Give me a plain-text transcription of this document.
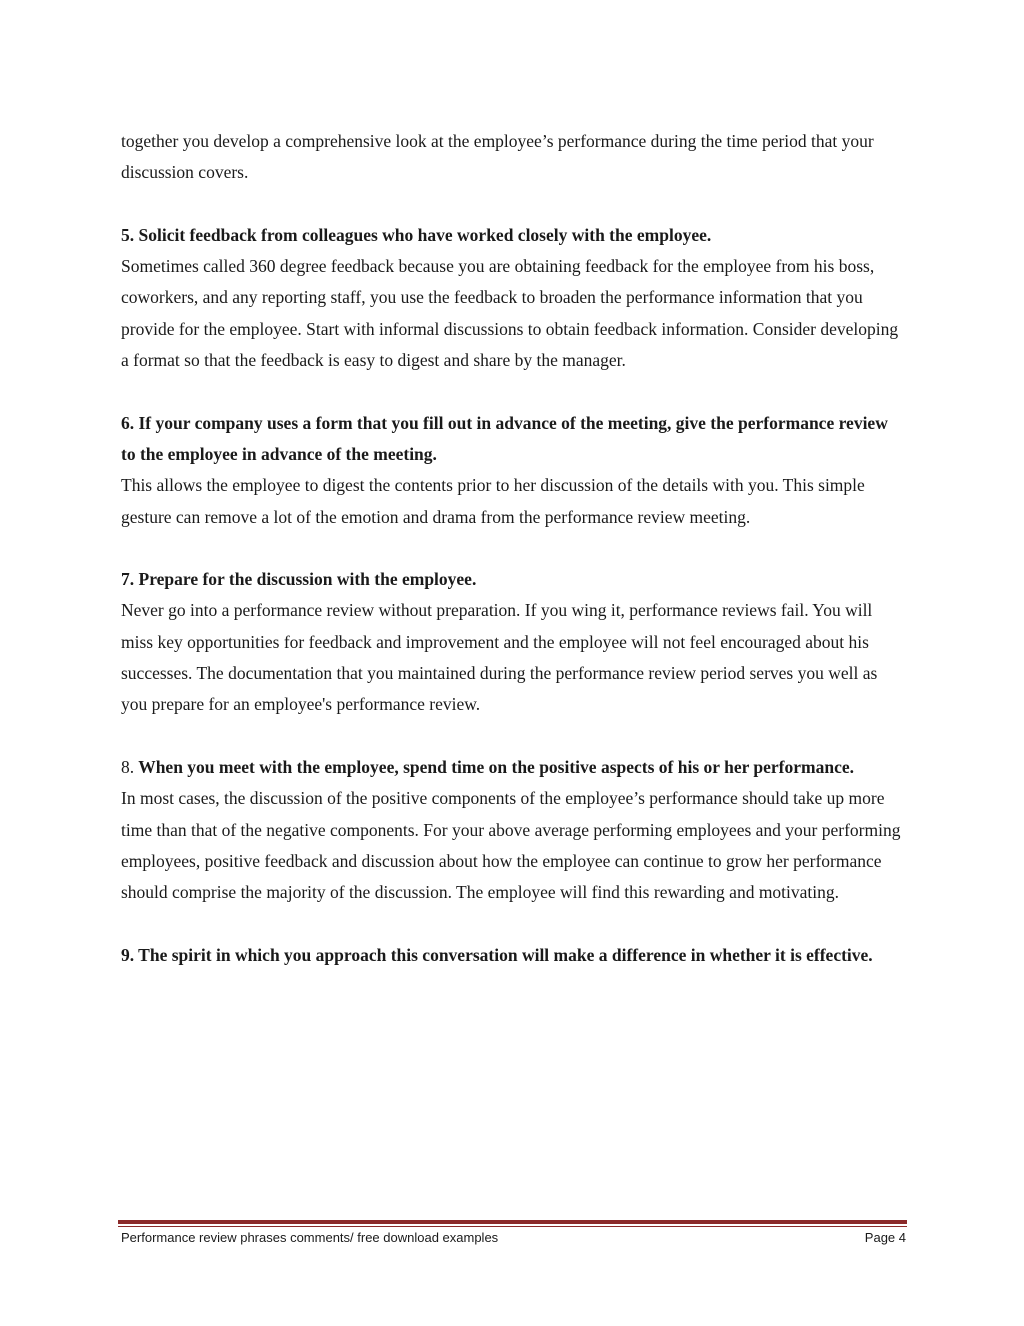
together you develop a comprehensive look at the employee’s performance during the time period that your discussion covers.

5. Solicit feedback from colleagues who have worked closely with the employee.

Sometimes called 360 degree feedback because you are obtaining feedback for the employee from his boss, coworkers, and any reporting staff, you use the feedback to broaden the performance information that you provide for the employee. Start with informal discussions to obtain feedback information. Consider developing a format so that the feedback is easy to digest and share by the manager.

6. If your company uses a form that you fill out in advance of the meeting, give the performance review to the employee in advance of the meeting.

This allows the employee to digest the contents prior to her discussion of the details with you. This simple gesture can remove a lot of the emotion and drama from the performance review meeting.

7. Prepare for the discussion with the employee.

Never go into a performance review without preparation. If you wing it, performance reviews fail. You will miss key opportunities for feedback and improvement and the employee will not feel encouraged about his successes. The documentation that you maintained during the performance review period serves you well as you prepare for an employee's performance review.

8. When you meet with the employee, spend time on the positive aspects of his or her performance.

In most cases, the discussion of the positive components of the employee’s performance should take up more time than that of the negative components. For your above average performing employees and your performing employees, positive feedback and discussion about how the employee can continue to grow her performance should comprise the majority of the discussion. The employee will find this rewarding and motivating.

9. The spirit in which you approach this conversation will make a difference in whether it is effective.

Performance review phrases comments/ free download examples	Page 4
